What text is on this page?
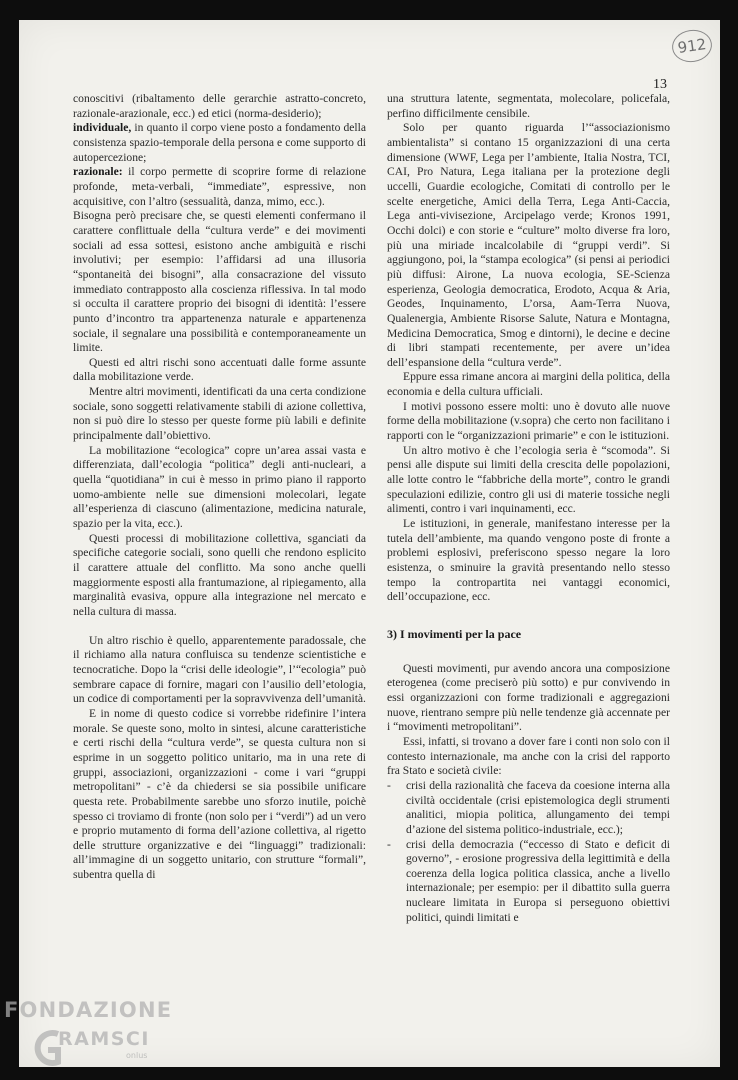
912
13

conoscitivi (ribaltamento delle gerarchie astratto-concreto, razionale-arazionale, ecc.) ed etici (norma-desiderio);

individuale, in quanto il corpo viene posto a fondamento della consistenza spazio-temporale della persona e come supporto di autopercezione;

razionale: il corpo permette di scoprire forme di relazione profonde, meta-verbali, “immediate”, espressive, non acquisitive, con l’altro (sessualità, danza, mimo, ecc.).

Bisogna però precisare che, se questi elementi confermano il carattere conflittuale della “cultura verde” e dei movimenti sociali ad essa sottesi, esistono anche ambiguità e rischi involutivi; per esempio: l’affidarsi ad una illusoria “spontaneità dei bisogni”, alla consacrazione del vissuto immediato contrapposto alla coscienza riflessiva. In tal modo si occulta il carattere proprio dei bisogni di identità: l’essere punto d’incontro tra appartenenza naturale e appartenenza sociale, il segnalare una possibilità e contemporaneamente un limite.

Questi ed altri rischi sono accentuati dalle forme assunte dalla mobilitazione verde.

Mentre altri movimenti, identificati da una certa condizione sociale, sono soggetti relativamente stabili di azione collettiva, non si può dire lo stesso per queste forme più labili e definite principalmente dall’obiettivo.

La mobilitazione “ecologica” copre un’area assai vasta e differenziata, dall’ecologia “politica” degli anti-nucleari, a quella “quotidiana” in cui è messo in primo piano il rapporto uomo-ambiente nelle sue dimensioni molecolari, legate all’esperienza di ciascuno (alimentazione, medicina naturale, spazio per la vita, ecc.).

Questi processi di mobilitazione collettiva, sganciati da specifiche categorie sociali, sono quelli che rendono esplicito il carattere attuale del conflitto. Ma sono anche quelli maggiormente esposti alla frantumazione, al ripiegamento, alla marginalità evasiva, oppure alla integrazione nel mercato e nella cultura di massa.

Un altro rischio è quello, apparentemente paradossale, che il richiamo alla natura confluisca su tendenze scientistiche e tecnocratiche. Dopo la “crisi delle ideologie”, l’“ecologia” può sembrare capace di fornire, magari con l’ausilio dell’etologia, un codice di comportamenti per la sopravvivenza dell’umanità.

E in nome di questo codice si vorrebbe ridefinire l’intera morale. Se queste sono, molto in sintesi, alcune caratteristiche e certi rischi della “cultura verde”, se questa cultura non si esprime in un soggetto politico unitario, ma in una rete di gruppi, associazioni, organizzazioni - come i vari “gruppi metropolitani” - c’è da chiedersi se sia possibile unificare questa rete. Probabilmente sarebbe uno sforzo inutile, poichè spesso ci troviamo di fronte (non solo per i “verdi”) ad un vero e proprio mutamento di forma dell’azione collettiva, al rigetto delle strutture organizzative e dei “linguaggi” tradizionali: all’immagine di un soggetto unitario, con strutture “formali”, subentra quella di

una struttura latente, segmentata, molecolare, policefala, perfino difficilmente censibile.

Solo per quanto riguarda l’“associazionismo ambientalista” si contano 15 organizzazioni di una certa dimensione (WWF, Lega per l’ambiente, Italia Nostra, TCI, CAI, Pro Natura, Lega italiana per la protezione degli uccelli, Guardie ecologiche, Comitati di controllo per le scelte energetiche, Amici della Terra, Lega Anti-Caccia, Lega anti-vivisezione, Arcipelago verde; Kronos 1991, Occhi dolci) e con storie e “culture” molto diverse fra loro, più una miriade incalcolabile di “gruppi verdi”. Si aggiungono, poi, la “stampa ecologica” (si pensi ai periodici più diffusi: Airone, La nuova ecologia, SE-Scienza esperienza, Geologia democratica, Erodoto, Acqua & Aria, Geodes, Inquinamento, L’orsa, Aam-Terra Nuova, Qualenergia, Ambiente Risorse Salute, Natura e Montagna, Medicina Democratica, Smog e dintorni), le decine e decine di libri stampati recentemente, per avere un’idea dell’espansione della “cultura verde”.

Eppure essa rimane ancora ai margini della politica, della economia e della cultura ufficiali.

I motivi possono essere molti: uno è dovuto alle nuove forme della mobilitazione (v.sopra) che certo non facilitano i rapporti con le “organizzazioni primarie” e con le istituzioni.

Un altro motivo è che l’ecologia seria è “scomoda”. Si pensi alle dispute sui limiti della crescita delle popolazioni, alle lotte contro le “fabbriche della morte”, contro le grandi speculazioni edilizie, contro gli usi di materie tossiche negli alimenti, contro i vari inquinamenti, ecc.

Le istituzioni, in generale, manifestano interesse per la tutela dell’ambiente, ma quando vengono poste di fronte a problemi esplosivi, preferiscono spesso negare la loro esistenza, o sminuire la gravità presentando nello stesso tempo la contropartita nei vantaggi economici, dell’occupazione, ecc.

3) I movimenti per la pace

Questi movimenti, pur avendo ancora una composizione eterogenea (come preciserò più sotto) e pur convivendo in essi organizzazioni con forme tradizionali e aggregazioni nuove, rientrano sempre più nelle tendenze già accennate per i “movimenti metropolitani”.

Essi, infatti, si trovano a dover fare i conti non solo con il contesto internazionale, ma anche con la crisi del rapporto fra Stato e società civile:

- crisi della razionalità che faceva da coesione interna alla civiltà occidentale (crisi epistemologica degli strumenti analitici, miopia politica, allungamento dei tempi d’azione del sistema politico-industriale, ecc.);

- crisi della democrazia (“eccesso di Stato e deficit di governo”, - erosione progressiva della legittimità e della coerenza della logica politica classica, anche a livello internazionale; per esempio: per il dibattito sulla guerra nucleare limitata in Europa si perseguono obiettivi politici, quindi limitati e

FONDAZIONE
RAMSCI
onlus
